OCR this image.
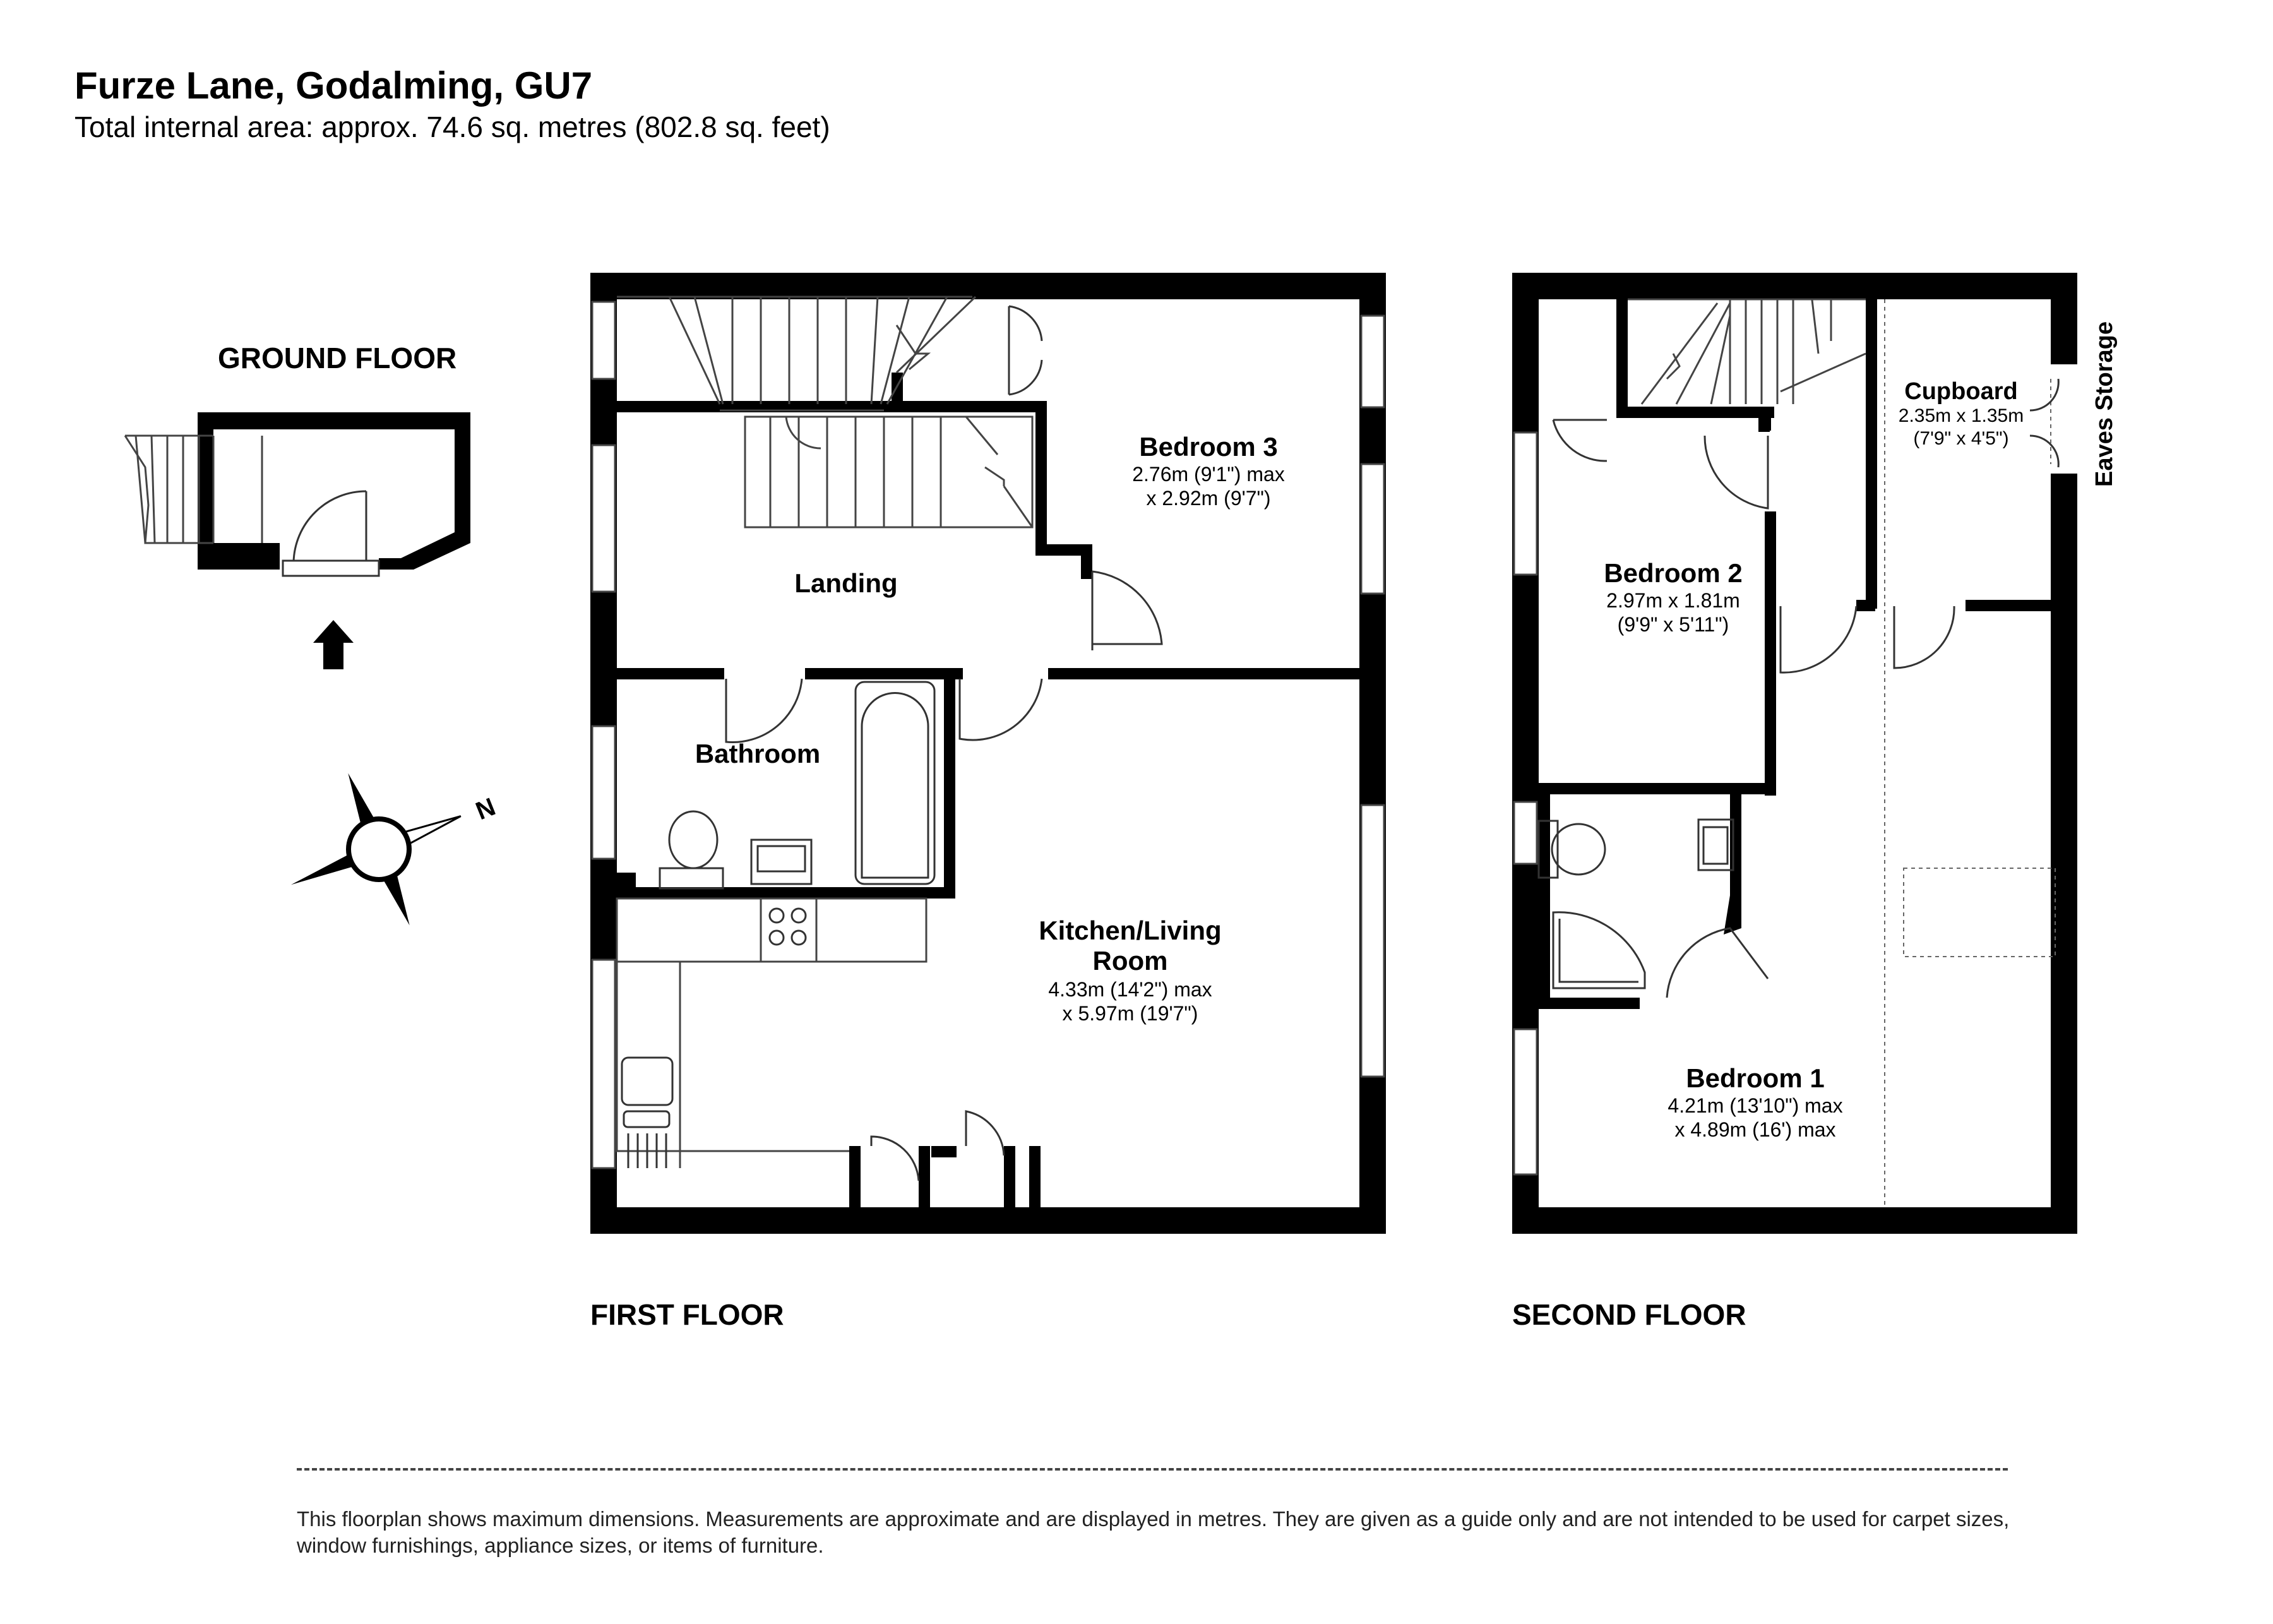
Furze Lane, Godalming, GU7
Total internal area: approx. 74.6 sq. metres (802.8 sq. feet)
GROUND FLOOR
FIRST FLOOR	SECOND FLOOR
N
Bedroom 3
2.76m (9'1") max
x 2.92m (9'7")
Landing
Bathroom
Kitchen/Living
Room
4.33m (14'2") max
x 5.97m (19'7")
Bedroom 2
2.97m x 1.81m
(9'9" x 5'11")
Cupboard
2.35m x 1.35m
(7'9" x 4'5")	Eaves Storage
Bedroom 1
4.21m (13'10") max
x 4.89m (16') max
This floorplan shows maximum dimensions. Measurements are approximate and are displayed in metres. They are given as a guide only and are not intended to be used for carpet sizes, window furnishings, appliance sizes, or items of furniture.
